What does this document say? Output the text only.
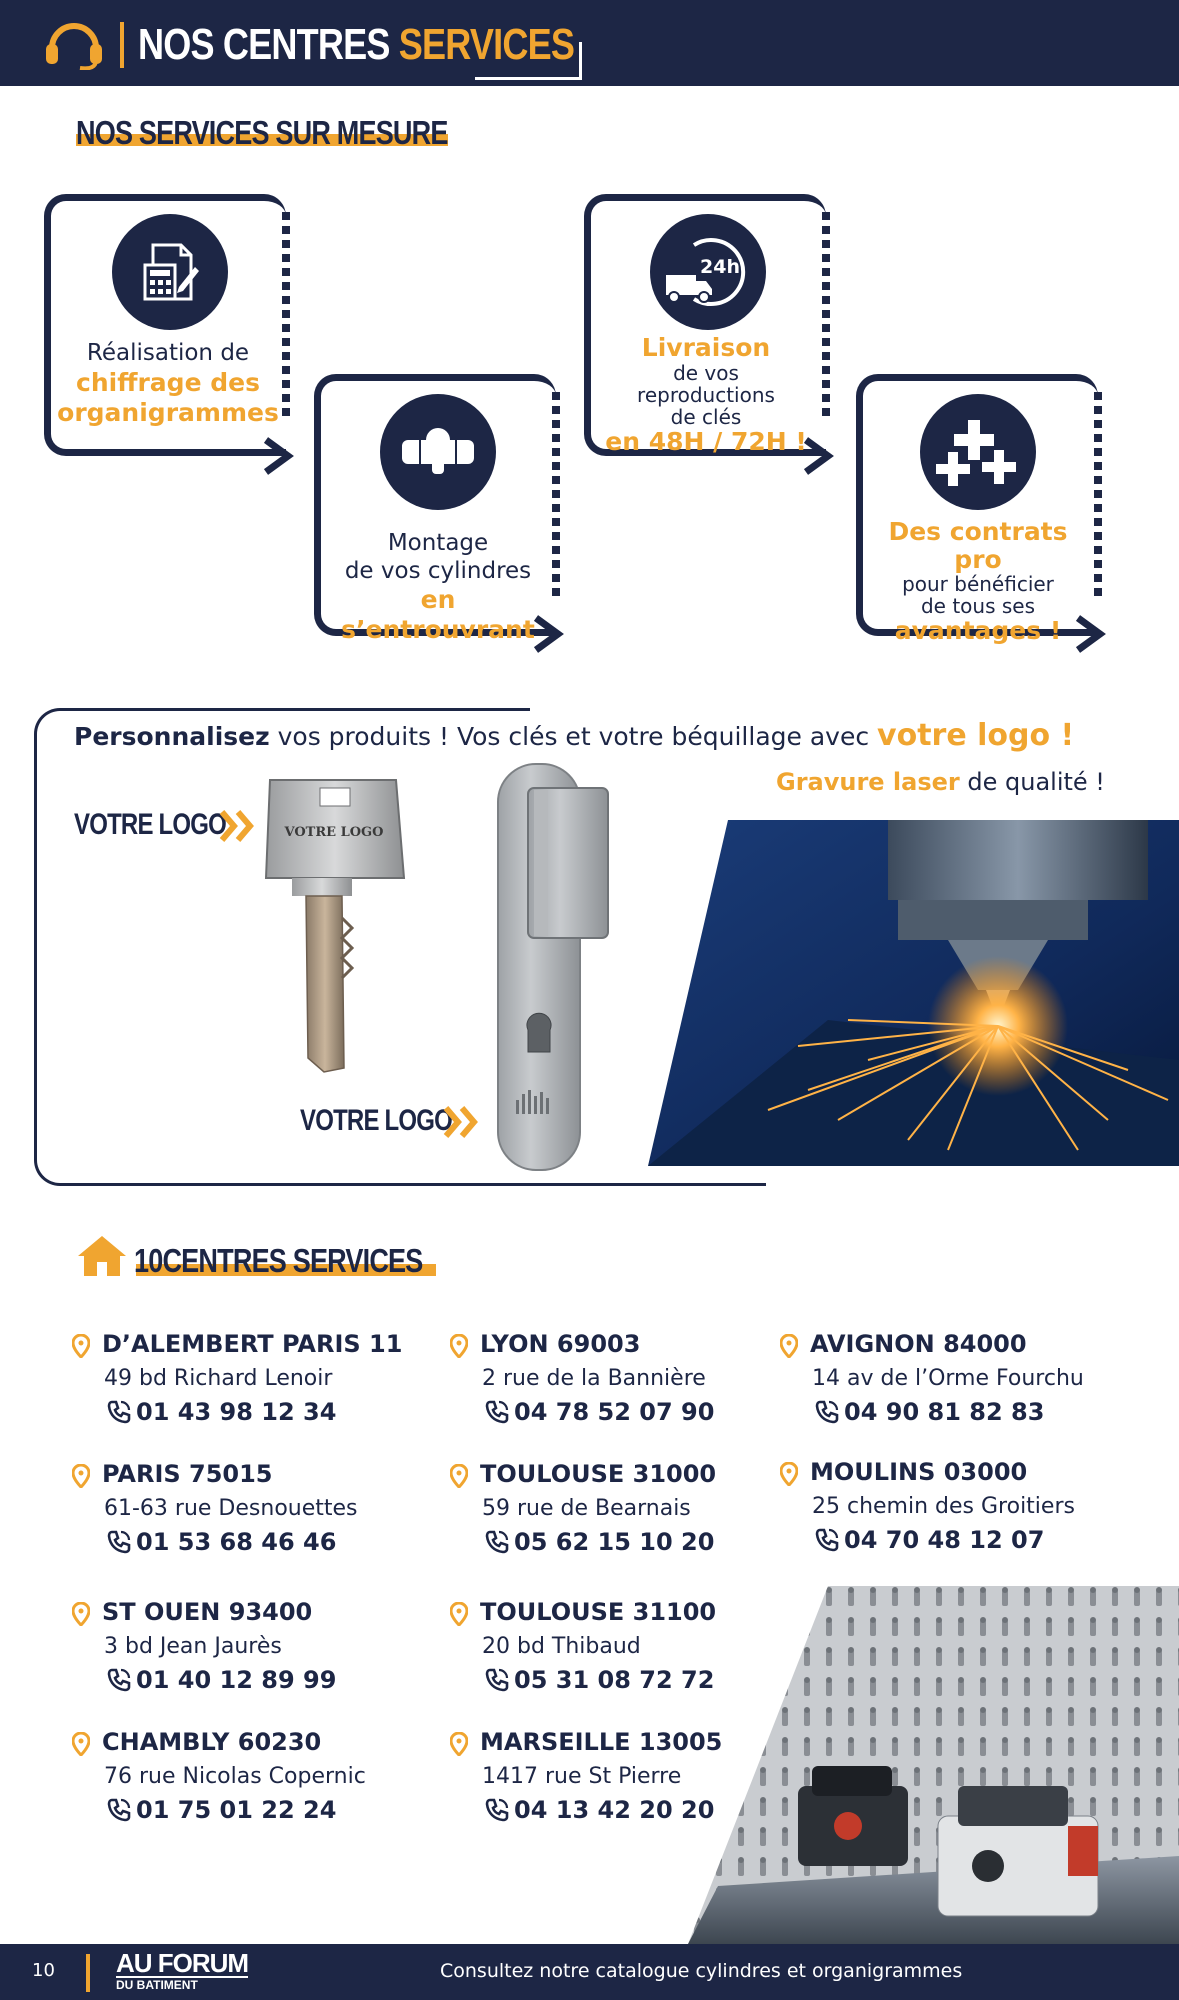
NOS CENTRES SERVICES
NOS SERVICES SUR MESURE
Réalisation de
chiffrage des
organigrammes
Montage
de vos cylindres
en s’entrouvrant
24h
Livraison
de vos
reproductions
de clés
en 48H / 72H !
Des contrats pro
pour bénéficier
de tous ses
avantages !
Personnalisez vos produits ! Vos clés et votre béquillage avec votre logo !
Gravure laser de qualité !
VOTRE LOGO	VOTRE LOGO
VOTRE LOGO
10CENTRES SERVICES
D’ALEMBERT PARIS 11
49 bd Richard Lenoir
01 43 98 12 34
PARIS 75015
61-63 rue Desnouettes
01 53 68 46 46
ST OUEN 93400
3 bd Jean Jaurès
01 40 12 89 99
CHAMBLY 60230
76 rue Nicolas Copernic
01 75 01 22 24
LYON 69003
2 rue de la Bannière
04 78 52 07 90
TOULOUSE 31000
59 rue de Bearnais
05 62 15 10 20
TOULOUSE 31100
20 bd Thibaud
05 31 08 72 72
MARSEILLE 13005
1417 rue St Pierre
04 13 42 20 20
AVIGNON 84000
14 av de l’Orme Fourchu
04 90 81 82 83
MOULINS 03000
25 chemin des Groitiers
04 70 48 12 07
10 AU FORUM
DU BATIMENT
Consultez notre catalogue cylindres et organigrammes
